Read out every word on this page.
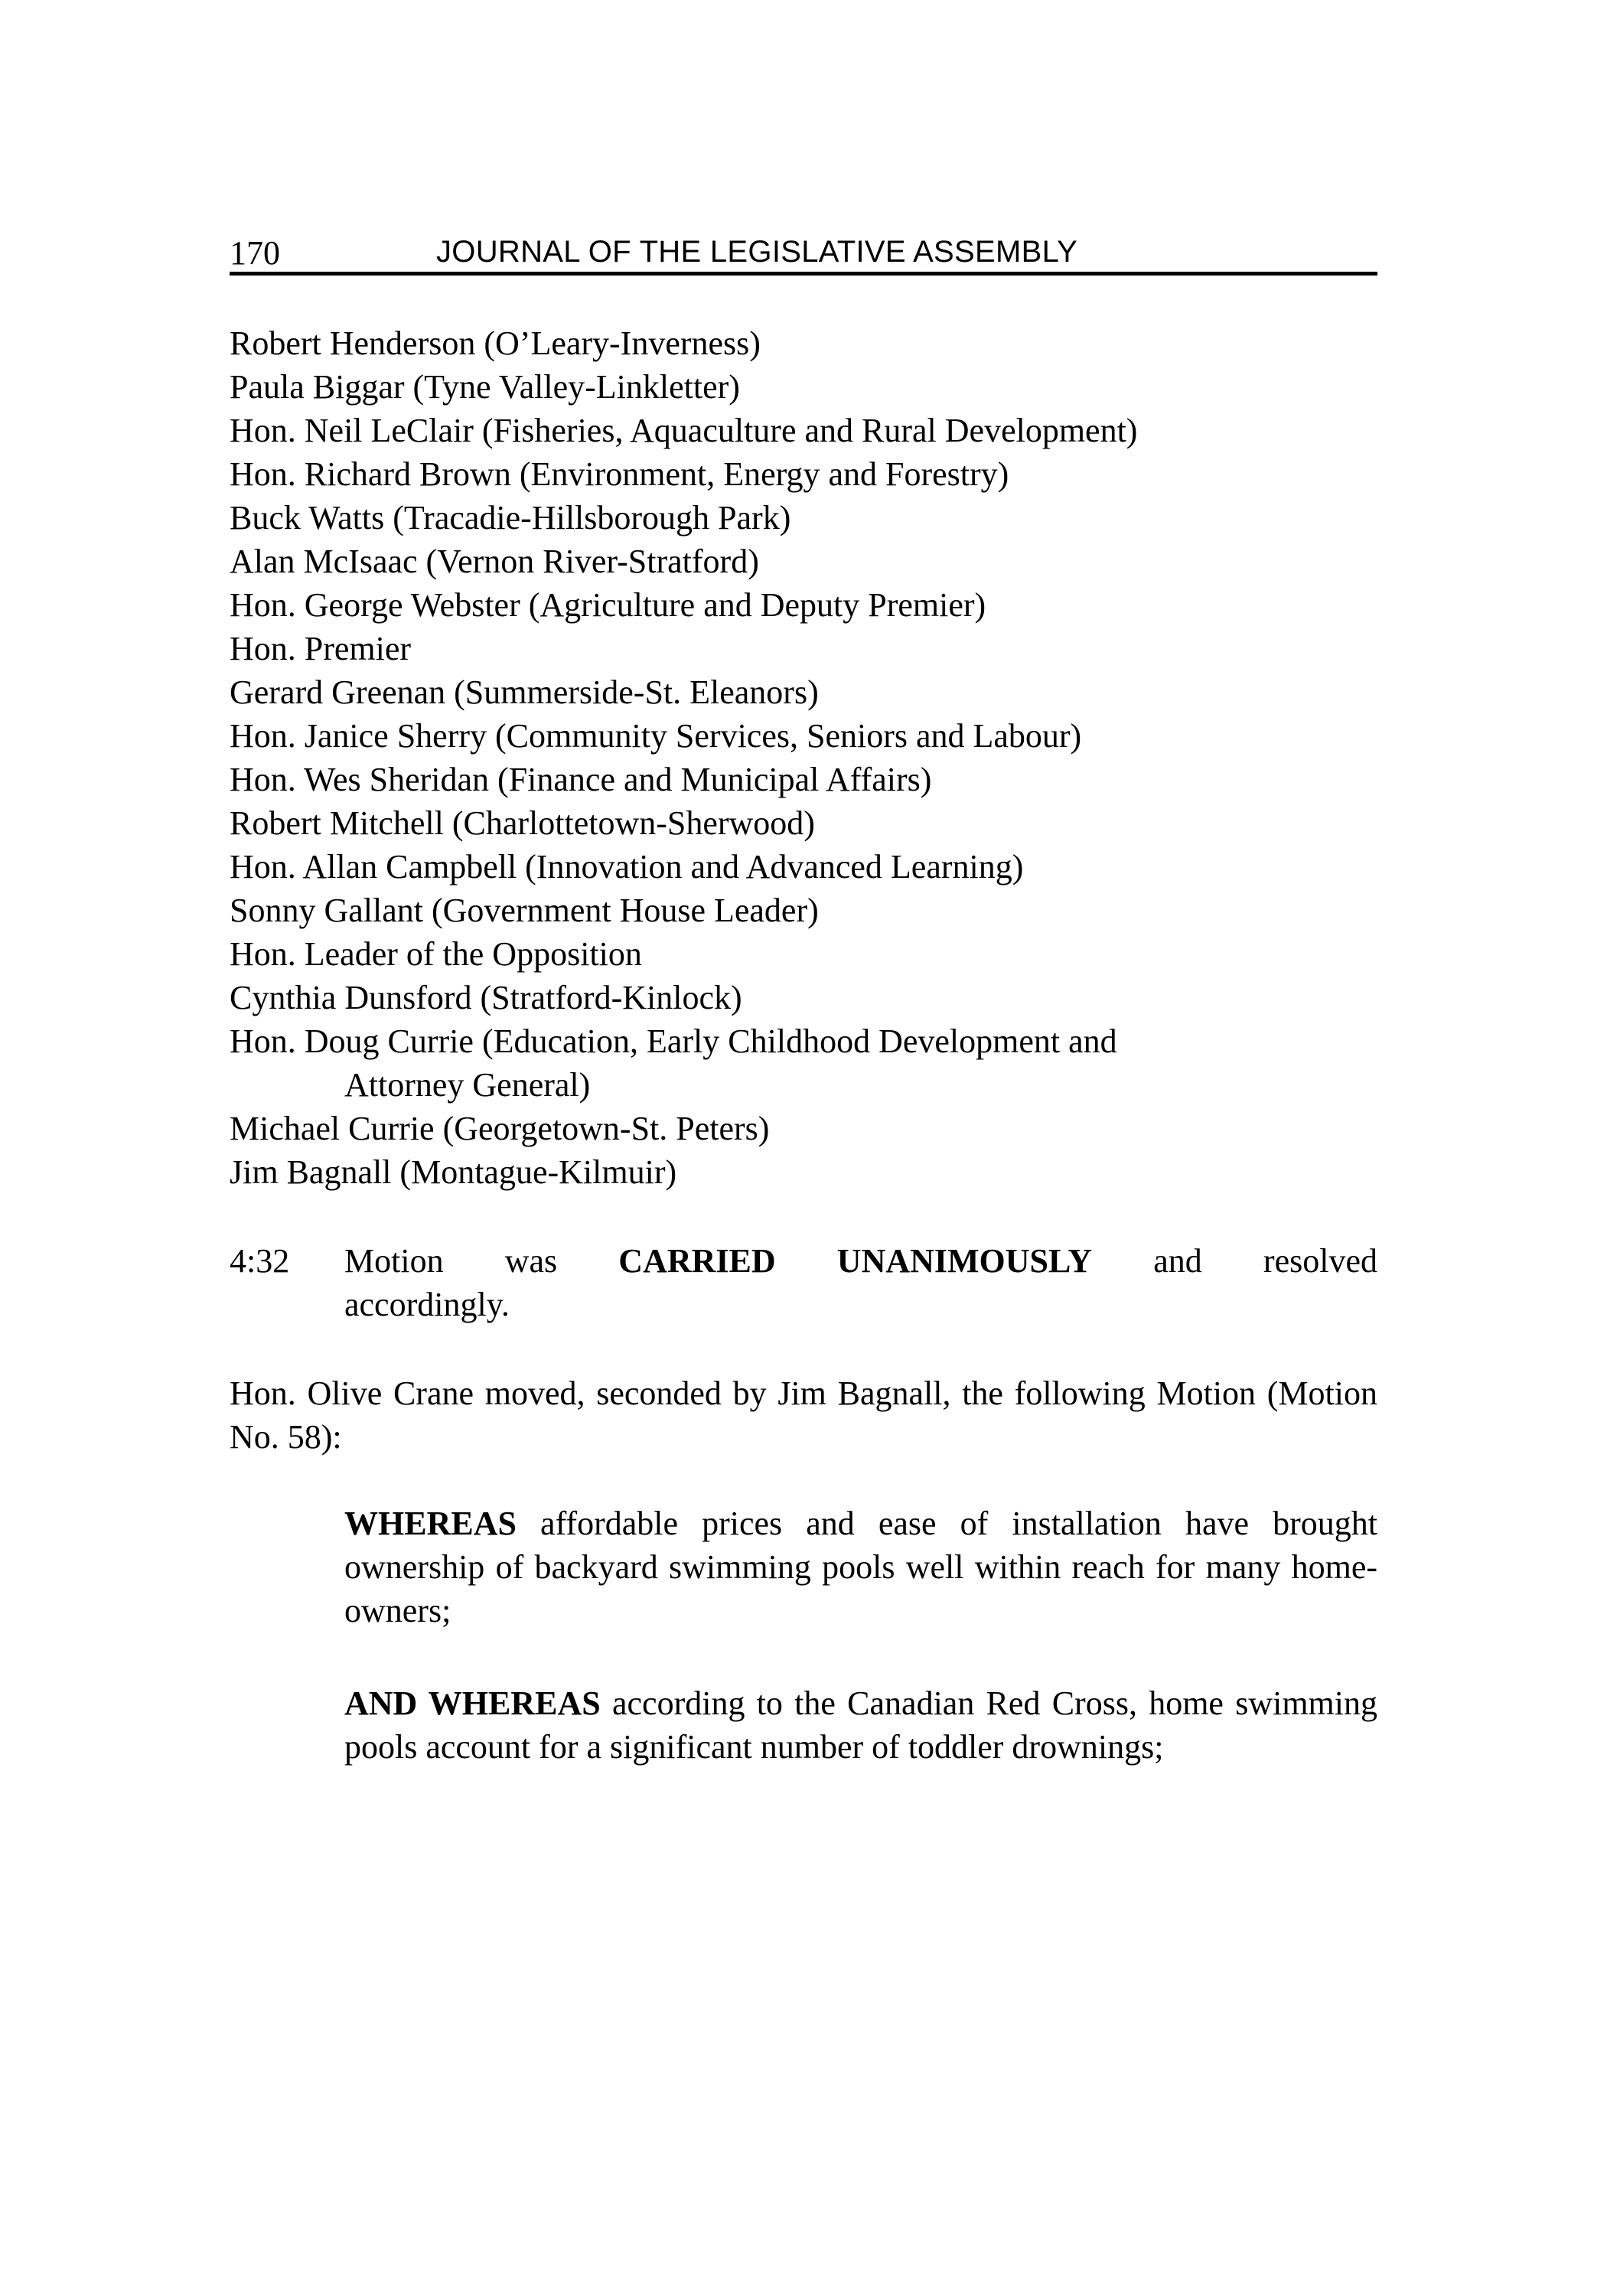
170	JOURNAL OF THE LEGISLATIVE ASSEMBLY
Robert Henderson (O’Leary-Inverness)
Paula Biggar (Tyne Valley-Linkletter)
Hon. Neil LeClair (Fisheries, Aquaculture and Rural Development)
Hon. Richard Brown (Environment, Energy and Forestry)
Buck Watts (Tracadie-Hillsborough Park)
Alan McIsaac (Vernon River-Stratford)
Hon. George Webster (Agriculture and Deputy Premier)
Hon. Premier
Gerard Greenan (Summerside-St. Eleanors)
Hon. Janice Sherry (Community Services, Seniors and Labour)
Hon. Wes Sheridan (Finance and Municipal Affairs)
Robert Mitchell (Charlottetown-Sherwood)
Hon. Allan Campbell (Innovation and Advanced Learning)
Sonny Gallant (Government House Leader)
Hon. Leader of the Opposition
Cynthia Dunsford (Stratford-Kinlock)
Hon. Doug Currie (Education, Early Childhood Development and
Attorney General)
Michael Currie (Georgetown-St. Peters)
Jim Bagnall (Montague-Kilmuir)
4:32 Motion was CARRIED UNANIMOUSLY and resolved
accordingly.
Hon. Olive Crane moved, seconded by Jim Bagnall, the following Motion (Motion No. 58):
WHEREAS affordable prices and ease of installation have brought ownership of backyard swimming pools well within reach for many home-owners;
AND WHEREAS according to the Canadian Red Cross, home swimming pools account for a significant number of toddler drownings;
